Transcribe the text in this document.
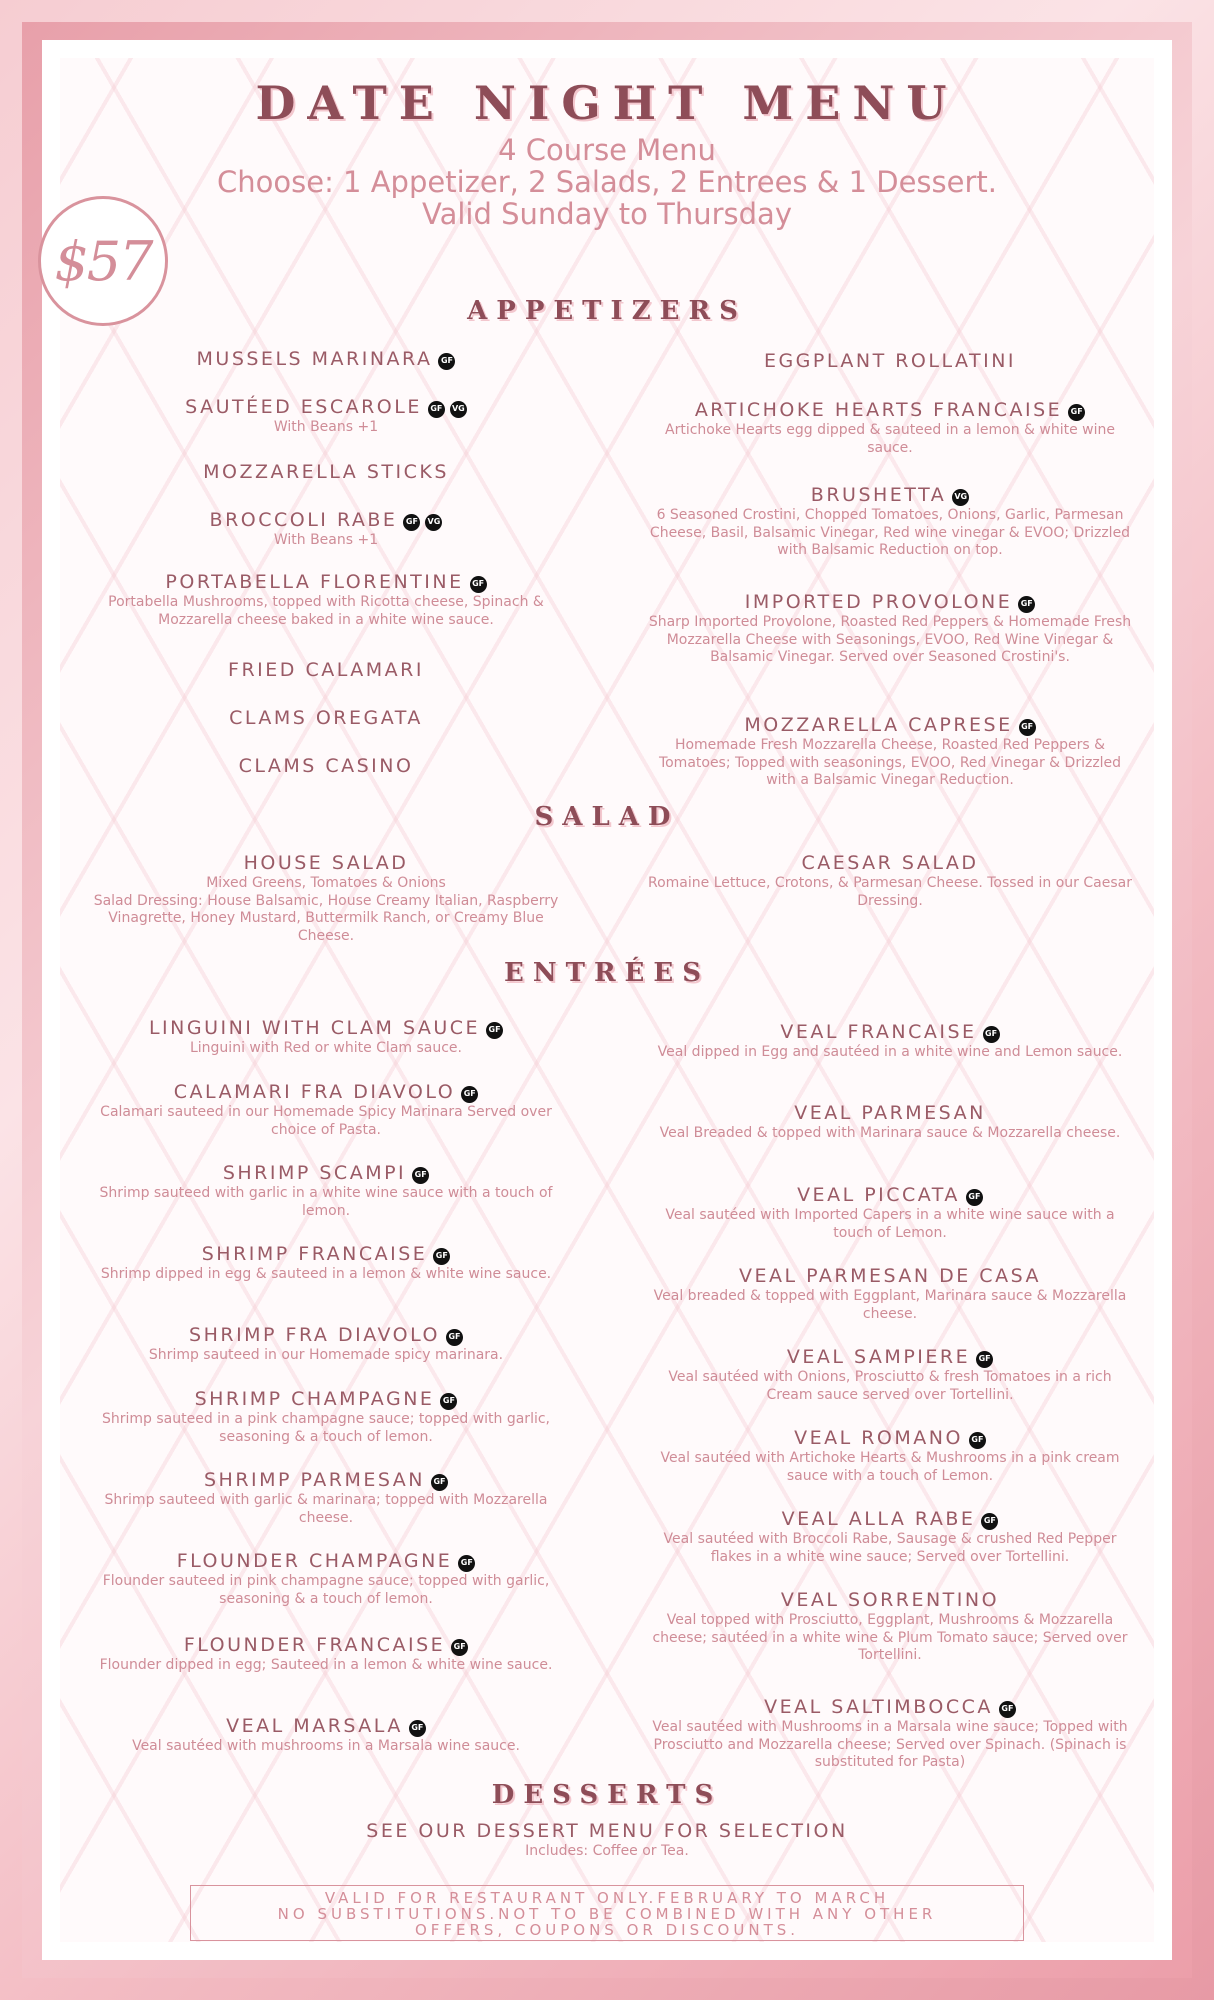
DATE NIGHT MENU
4 Course Menu
Choose: 1 Appetizer, 2 Salads, 2 Entrees & 1 Dessert.
Valid Sunday to Thursday
$57
APPETIZERS
SALAD
ENTRÉES
DESSERTS
MUSSELS MARINARA GF
SAUTÉED ESCAROLE GF VG
With Beans +1
MOZZARELLA STICKS
BROCCOLI RABE GF VG
With Beans +1
PORTABELLA FLORENTINE GF
Portabella Mushrooms, topped with Ricotta cheese, Spinach & Mozzarella cheese baked in a white wine sauce.
FRIED CALAMARI
CLAMS OREGATA
CLAMS CASINO
EGGPLANT ROLLATINI
ARTICHOKE HEARTS FRANCAISE GF
Artichoke Hearts egg dipped & sauteed in a lemon & white wine sauce.
BRUSHETTA VG
6 Seasoned Crostini, Chopped Tomatoes, Onions, Garlic, Parmesan Cheese, Basil, Balsamic Vinegar, Red wine vinegar & EVOO; Drizzled with Balsamic Reduction on top.
IMPORTED PROVOLONE GF
Sharp Imported Provolone, Roasted Red Peppers & Homemade Fresh Mozzarella Cheese with Seasonings, EVOO, Red Wine Vinegar & Balsamic Vinegar. Served over Seasoned Crostini's.
MOZZARELLA CAPRESE GF
Homemade Fresh Mozzarella Cheese, Roasted Red Peppers & Tomatoes; Topped with seasonings, EVOO, Red Vinegar & Drizzled with a Balsamic Vinegar Reduction.
HOUSE SALAD
Mixed Greens, Tomatoes & Onions
Salad Dressing: House Balsamic, House Creamy Italian, Raspberry Vinagrette, Honey Mustard, Buttermilk Ranch, or Creamy Blue Cheese.
CAESAR SALAD
Romaine Lettuce, Crotons, & Parmesan Cheese. Tossed in our Caesar Dressing.
LINGUINI WITH CLAM SAUCE GF
Linguini with Red or white Clam sauce.
CALAMARI FRA DIAVOLO GF
Calamari sauteed in our Homemade Spicy Marinara Served over choice of Pasta.
SHRIMP SCAMPI GF
Shrimp sauteed with garlic in a white wine sauce with a touch of lemon.
SHRIMP FRANCAISE GF
Shrimp dipped in egg & sauteed in a lemon & white wine sauce.
SHRIMP FRA DIAVOLO GF
Shrimp sauteed in our Homemade spicy marinara.
SHRIMP CHAMPAGNE GF
Shrimp sauteed in a pink champagne sauce; topped with garlic, seasoning & a touch of lemon.
SHRIMP PARMESAN GF
Shrimp sauteed with garlic & marinara; topped with Mozzarella cheese.
FLOUNDER CHAMPAGNE GF
Flounder sauteed in pink champagne sauce; topped with garlic, seasoning & a touch of lemon.
FLOUNDER FRANCAISE GF
Flounder dipped in egg; Sauteed in a lemon & white wine sauce.
VEAL MARSALA GF
Veal sautéed with mushrooms in a Marsala wine sauce.
VEAL FRANCAISE GF
Veal dipped in Egg and sautéed in a white wine and Lemon sauce.
VEAL PARMESAN
Veal Breaded & topped with Marinara sauce & Mozzarella cheese.
VEAL PICCATA GF
Veal sautéed with Imported Capers in a white wine sauce with a touch of Lemon.
VEAL PARMESAN DE CASA
Veal breaded & topped with Eggplant, Marinara sauce & Mozzarella cheese.
VEAL SAMPIERE GF
Veal sautéed with Onions, Prosciutto & fresh Tomatoes in a rich Cream sauce served over Tortellini.
VEAL ROMANO GF
Veal sautéed with Artichoke Hearts & Mushrooms in a pink cream sauce with a touch of Lemon.
VEAL ALLA RABE GF
Veal sautéed with Broccoli Rabe, Sausage & crushed Red Pepper flakes in a white wine sauce; Served over Tortellini.
VEAL SORRENTINO
Veal topped with Prosciutto, Eggplant, Mushrooms & Mozzarella cheese; sautéed in a white wine & Plum Tomato sauce; Served over Tortellini.
VEAL SALTIMBOCCA GF
Veal sautéed with Mushrooms in a Marsala wine sauce; Topped with Prosciutto and Mozzarella cheese; Served over Spinach. (Spinach is substituted for Pasta)
SEE OUR DESSERT MENU FOR SELECTION
Includes: Coffee or Tea.
VALID FOR RESTAURANT ONLY.FEBRUARY TO MARCH
NO SUBSTITUTIONS.NOT TO BE COMBINED WITH ANY OTHER
OFFERS, COUPONS OR DISCOUNTS.
